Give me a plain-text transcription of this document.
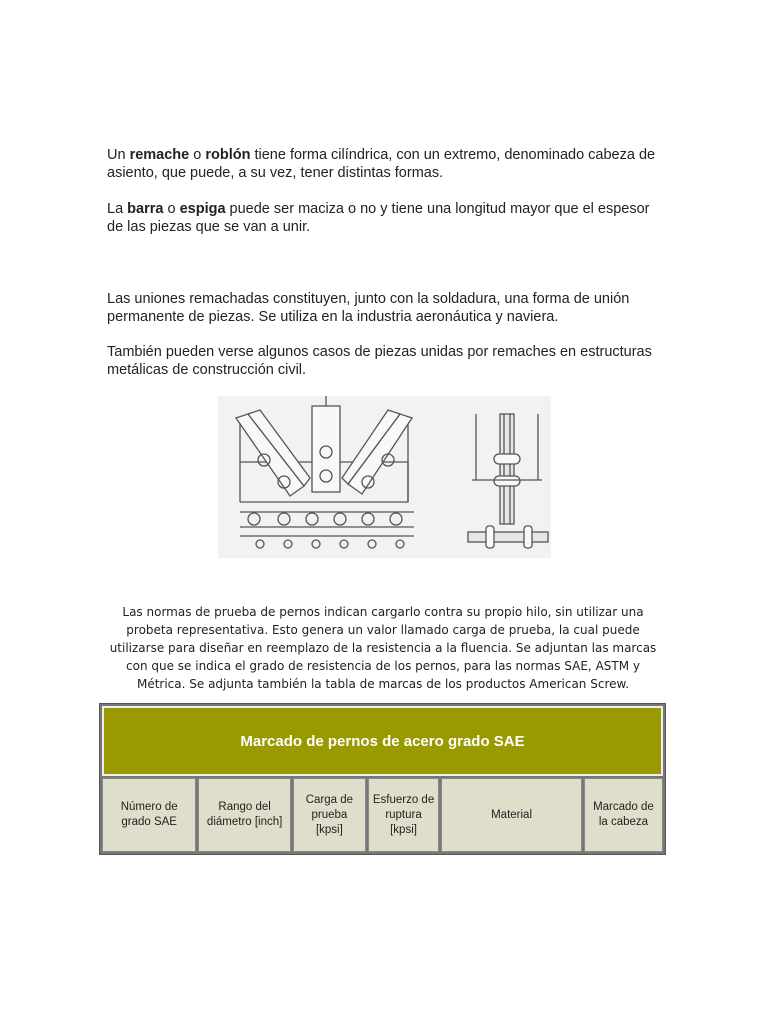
Un remache o roblón tiene forma cilíndrica, con un extremo, denominado cabeza de asiento, que puede, a su vez, tener distintas formas.

La barra o espiga puede ser maciza o no y tiene una longitud mayor que el espesor de las piezas que se van a unir.

Las uniones remachadas constituyen, junto con la soldadura, una forma de unión permanente de piezas. Se utiliza en la industria aeronáutica y naviera.

También pueden verse algunos casos de piezas unidas por remaches en estructuras metálicas de construcción civil.

Las normas de prueba de pernos indican cargarlo contra su propio hilo, sin utilizar una probeta representativa. Esto genera un valor llamado carga de prueba, la cual puede utilizarse para diseñar en reemplazo de la resistencia a la fluencia. Se adjuntan las marcas con que se indica el grado de resistencia de los pernos, para las normas SAE, ASTM y Métrica. Se adjunta también la tabla de marcas de los productos American Screw.

Marcado de pernos de acero grado SAE
Número de grado SAE	Rango del diámetro [inch]	Carga de prueba [kpsi]	Esfuerzo de ruptura [kpsi]	Material	Marcado de la cabeza
